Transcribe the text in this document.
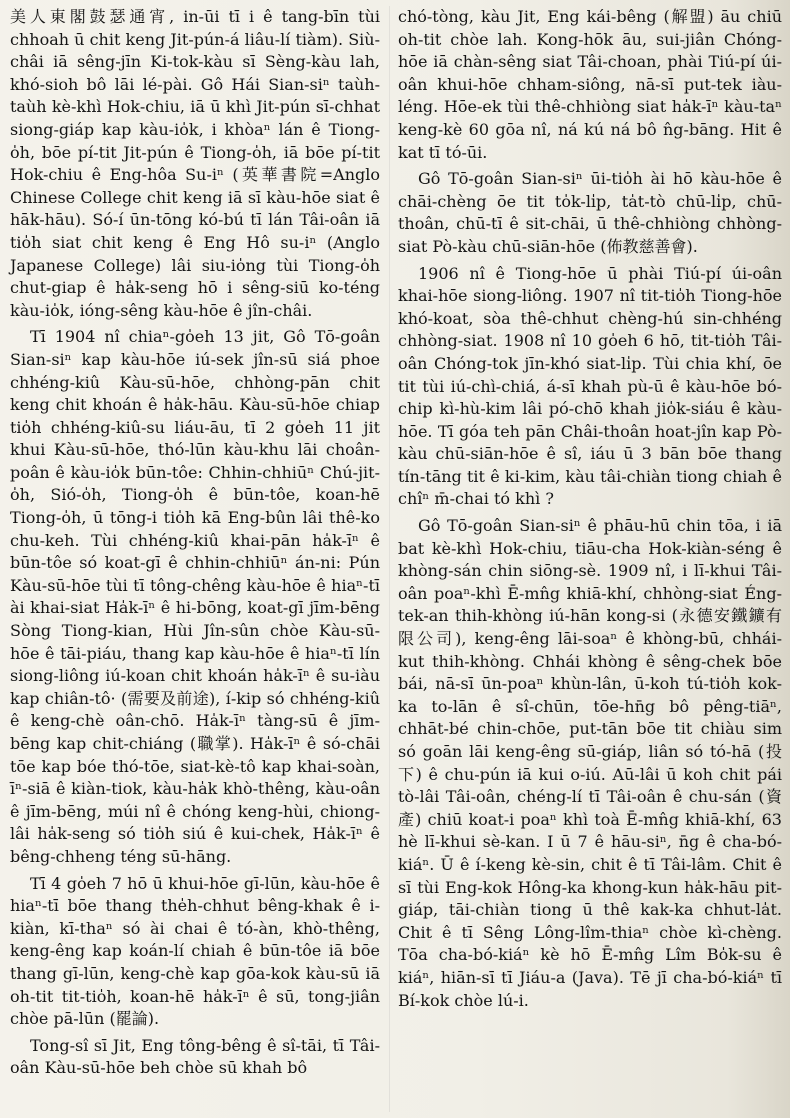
美人東閣鼓瑟通宵, in-ūi tī i ê tang-bīn tùi chhoah ū chit keng Jit-pún-á liâu-lí tiàm). Siù-châi iā sêng-jīn Ki-tok-kàu sī Sèng-kàu lah, khó-sioh bô lāi lé-pài. Gô Hái Sian-siⁿ taùh-taùh kè-khì Hok-chiu, iā ū khì Jit-pún sī-chhat siong-giáp kap kàu-io̍k, i khòaⁿ lán ê Tiong-o̍h, bōe pí-tit Jit-pún ê Tiong-o̍h, iā bōe pí-tit Hok-chiu ê Eng-hôa Su-iⁿ (英華書院=Anglo Chinese College chit keng iā sī kàu-hōe siat ê hāk-hāu). Só-í ūn-tōng kó-bú tī lán Tâi-oân iā tio̍h siat chit keng ê Eng Hô su-iⁿ (Anglo Japanese College) lâi siu-io̍ng tùi Tiong-o̍h chut-giap ê ha̍k-seng hō i sêng-siū ko-téng kàu-io̍k, ióng-sêng kàu-hōe ê jîn-châi.

Tī 1904 nî chiaⁿ-go̍eh 13 jit, Gô Tō-goân Sian-siⁿ kap kàu-hōe iú-sek jîn-sū siá phoe chhéng-kiû Kàu-sū-hōe, chhòng-pān chit keng chit khoán ê ha̍k-hāu. Kàu-sū-hōe chiap tio̍h chhéng-kiû-su liáu-āu, tī 2 go̍eh 11 jit khui Kàu-sū-hōe, thó-lūn kàu-khu lāi choân-poân ê kàu-io̍k būn-tôe: Chhin-chhiūⁿ Chú-jit-o̍h, Sió-o̍h, Tiong-o̍h ê būn-tôe, koan-hē Tiong-o̍h, ū tōng-i tio̍h kā Eng-bûn lâi thê-ko chu-keh. Tùi chhéng-kiû khai-pān ha̍k-īⁿ ê būn-tôe só koat-gī ê chhin-chhiūⁿ án-ni: Pún Kàu-sū-hōe tùi tī tông-chêng kàu-hōe ê hiaⁿ-tī ài khai-siat Ha̍k-īⁿ ê hi-bōng, koat-gī jīm-bēng Sòng Tiong-kian, Hùi Jîn-sûn chòe Kàu-sū-hōe ê tāi-piáu, thang kap kàu-hōe ê hiaⁿ-tī lín siong-liông iú-koan chit khoán ha̍k-īⁿ ê su-iàu kap chiân-tô· (需要及前途), í-kip só chhéng-kiû ê keng-chè oân-chō. Ha̍k-īⁿ tàng-sū ê jīm-bēng kap chit-chiáng (職掌). Ha̍k-īⁿ ê só-chāi tōe kap bóe thó-tōe, siat-kè-tô kap khai-soàn, īⁿ-siā ê kiàn-tiok, kàu-ha̍k khò-thêng, kàu-oân ê jīm-bēng, múi nî ê chóng keng-hùi, chiong-lâi ha̍k-seng só tio̍h siú ê kui-chek, Ha̍k-īⁿ ê bêng-chheng téng sū-hāng.

Tī 4 go̍eh 7 hō ū khui-hōe gī-lūn, kàu-hōe ê hiaⁿ-tī bōe thang the̍h-chhut bêng-khak ê i-kiàn, kī-thaⁿ só ài chai ê tó-àn, khò-thêng, keng-êng kap koán-lí chiah ê būn-tôe iā bōe thang gī-lūn, keng-chè kap gōa-kok kàu-sū iā oh-tit tit-tio̍h, koan-hē ha̍k-īⁿ ê sū, tong-jiân chòe pā-lūn (罷論).

Tong-sî sī Jit, Eng tông-bêng ê sî-tāi, tī Tâi-oân Kàu-sū-hōe beh chòe sū khah bô

chó-tòng, kàu Jit, Eng kái-bêng (解盟) āu chiū oh-tit chòe lah. Kong-hōk āu, sui-jiân Chóng-hōe iā chàn-sêng siat Tâi-choan, phài Tiú-pí úi-oân khui-hōe chham-siông, nā-sī put-tek iàu-léng. Hōe-ek tùi thê-chhiòng siat ha̍k-īⁿ kàu-taⁿ keng-kè 60 gōa nî, ná kú ná bô n̂g-bāng. Hit ê kat tī tó-ūi.

Gô Tō-goân Sian-siⁿ ūi-tio̍h ài hō kàu-hōe ê chāi-chèng ōe tit to̍k-li̍p, ta̍t-tò chū-li̍p, chū-thoân, chū-tī ê sit-chāi, ū thê-chhiòng chhòng-siat Pò-kàu chū-siān-hōe (佈教慈善會).

1906 nî ê Tiong-hōe ū phài Tiú-pí úi-oân khai-hōe siong-liông. 1907 nî tit-tio̍h Tiong-hōe khó-koat, sòa thê-chhut chèng-hú sin-chhéng chhòng-siat. 1908 nî 10 go̍eh 6 hō, tit-tio̍h Tâi-oân Chóng-tok jīn-khó siat-li̍p. Tùi chia khí, ōe tit tùi iú-chì-chiá, á-sī khah pù-ū ê kàu-hōe bó-chip kì-hù-kim lâi pó-chō khah jio̍k-siáu ê kàu-hōe. Tī góa teh pān Châi-thoân hoat-jîn kap Pò-kàu chū-siān-hōe ê sî, iáu ū 3 bān bōe thang tín-tāng tit ê ki-kim, kàu tâi-chiàn tiong chiah ê chîⁿ m̄-chai tó khì ?

Gô Tō-goân Sian-siⁿ ê phāu-hū chin tōa, i iā bat kè-khì Hok-chiu, tiāu-cha Hok-kiàn-séng ê khòng-sán chin siōng-sè. 1909 nî, i lī-khui Tâi-oân poaⁿ-khì Ē-mn̂g khiā-khí, chhòng-siat Éng-tek-an thih-khòng iú-hān kong-si (永德安鐵鑛有限公司), keng-êng lāi-soaⁿ ê khòng-bū, chhái-kut thih-khòng. Chhái khòng ê sêng-chek bōe bái, nā-sī ūn-poaⁿ khùn-lân, ū-koh tú-tio̍h kok-ka to-lān ê sî-chūn, tōe-hn̄g bô pêng-tiāⁿ, chhāt-bé chin-chōe, put-tān bōe tit chiàu sim só goān lāi keng-êng sū-giáp, liân só tó-hā (投下) ê chu-pún iā kui o-iú. Aū-lâi ū koh chit pái tò-lâi Tâi-oân, chéng-lí tī Tâi-oân ê chu-sán (資產) chiū koat-i poaⁿ khì toà Ē-mn̂g khiā-khí, 63 hè lī-khui sè-kan. I ū 7 ê hāu-siⁿ, n̄g ê cha-bó-kiáⁿ. Ū ê í-keng kè-sin, chit ê tī Tâi-lâm. Chit ê sī tùi Eng-kok Hông-ka khong-kun ha̍k-hāu pit-giáp, tāi-chiàn tiong ū thê kak-ka chhut-la̍t. Chit ê tī Sêng Lông-lîm-thiaⁿ chòe kì-chèng. Tōa cha-bó-kiáⁿ kè hō Ē-mn̂g Lîm Bo̍k-su ê kiáⁿ, hiān-sī tī Jiáu-a (Java). Tē jī cha-bó-kiáⁿ tī Bí-kok chòe lú-i.
